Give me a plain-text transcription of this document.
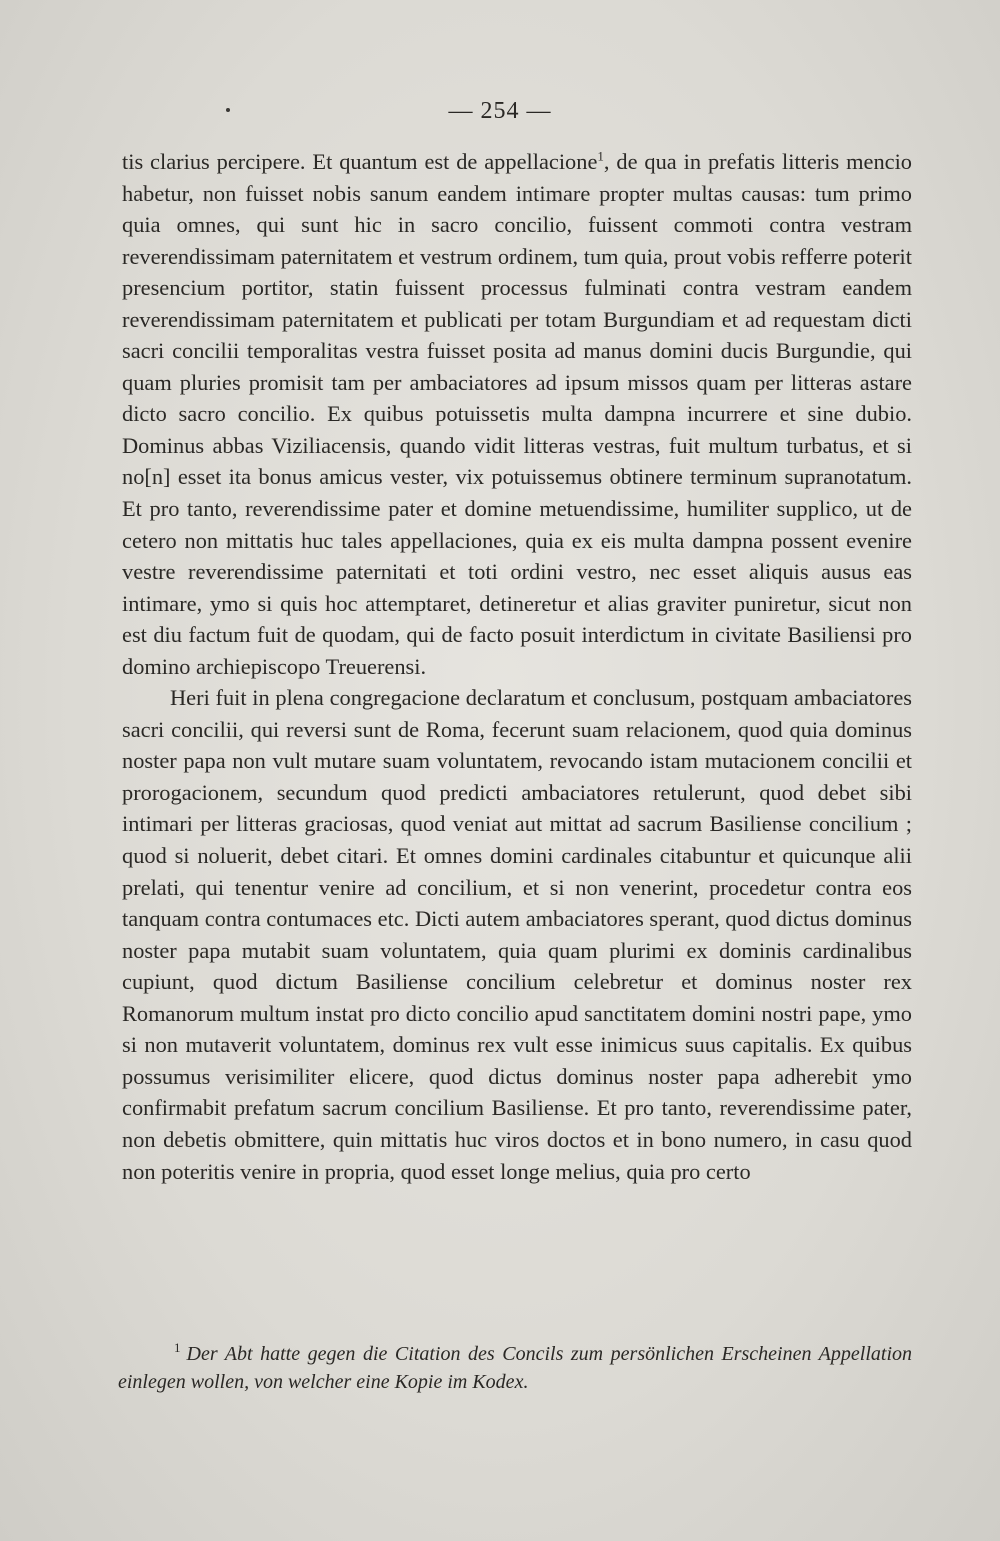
— 254 —

tis clarius percipere. Et quantum est de appellacione$^1$, de qua in prefatis litteris mencio habetur, non fuisset nobis sanum eandem intimare propter multas causas: tum primo quia omnes, qui sunt hic in sacro concilio, fuissent commoti contra vestram reverendissimam paternitatem et vestrum ordinem, tum quia, prout vobis refferre poterit presencium portitor, statin fuissent processus fulminati contra vestram eandem reverendissimam paternitatem et publicati per totam Burgundiam et ad requestam dicti sacri concilii temporalitas vestra fuisset posita ad manus domini ducis Burgundie, qui quam pluries promisit tam per ambaciatores ad ipsum missos quam per litteras astare dicto sacro concilio. Ex quibus potuissetis multa dampna incurrere et sine dubio. Dominus abbas Viziliacensis, quando vidit litteras vestras, fuit multum turbatus, et si no[n] esset ita bonus amicus vester, vix potuissemus obtinere terminum supranotatum. Et pro tanto, reverendissime pater et domine metuendissime, humiliter supplico, ut de cetero non mittatis huc tales appellaciones, quia ex eis multa dampna possent evenire vestre reverendissime paternitati et toti ordini vestro, nec esset aliquis ausus eas intimare, ymo si quis hoc attemptaret, detineretur et alias graviter puniretur, sicut non est diu factum fuit de quodam, qui de facto posuit interdictum in civitate Basiliensi pro domino archiepiscopo Treuerensi.

Heri fuit in plena congregacione declaratum et conclusum, postquam ambaciatores sacri concilii, qui reversi sunt de Roma, fecerunt suam relacionem, quod quia dominus noster papa non vult mutare suam voluntatem, revocando istam mutacionem concilii et prorogacionem, secundum quod predicti ambaciatores retulerunt, quod debet sibi intimari per litteras graciosas, quod veniat aut mittat ad sacrum Basiliense concilium ; quod si noluerit, debet citari. Et omnes domini cardinales citabuntur et quicunque alii prelati, qui tenentur venire ad concilium, et si non venerint, procedetur contra eos tanquam contra contumaces etc. Dicti autem ambaciatores sperant, quod dictus dominus noster papa mutabit suam voluntatem, quia quam plurimi ex dominis cardinalibus cupiunt, quod dictum Basiliense concilium celebretur et dominus noster rex Romanorum multum instat pro dicto concilio apud sanctitatem domini nostri pape, ymo si non mutaverit voluntatem, dominus rex vult esse inimicus suus capitalis. Ex quibus possumus verisimiliter elicere, quod dictus dominus noster papa adherebit ymo confirmabit prefatum sacrum concilium Basiliense. Et pro tanto, reverendissime pater, non debetis obmittere, quin mittatis huc viros doctos et in bono numero, in casu quod non poteritis venire in propria, quod esset longe melius, quia pro certo

$^1$ Der Abt hatte gegen die Citation des Concils zum persönlichen Erscheinen Appellation einlegen wollen, von welcher eine Kopie im Kodex.
